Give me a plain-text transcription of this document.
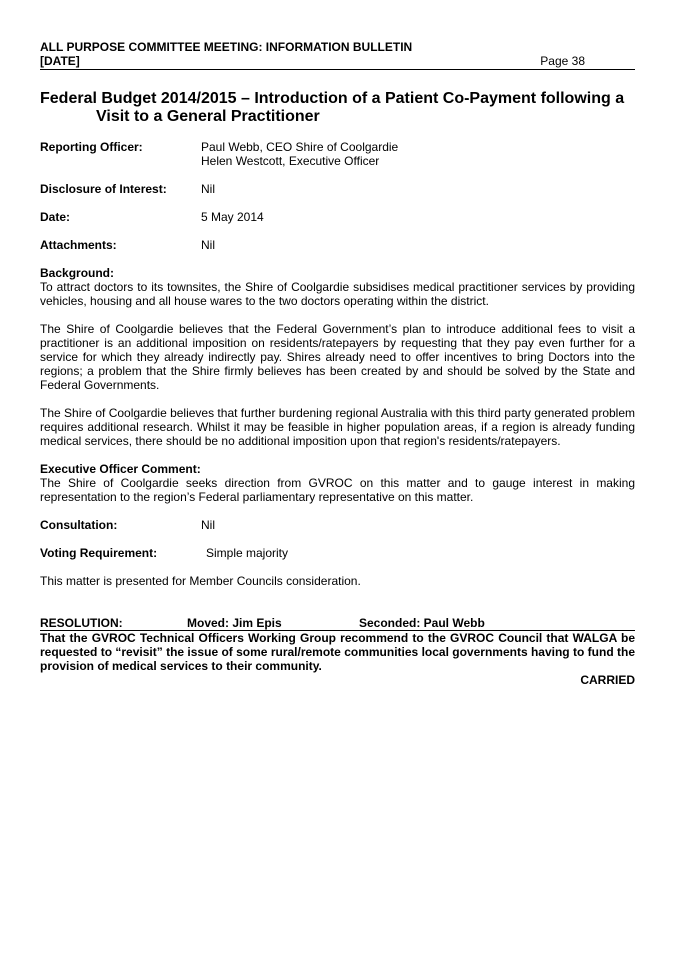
ALL PURPOSE COMMITTEE MEETING: INFORMATION BULLETIN
[DATE]	Page 38
Federal Budget 2014/2015 – Introduction of a Patient Co-Payment following a
Visit to a General Practitioner
Reporting Officer:	Paul Webb, CEO Shire of Coolgardie
Helen Westcott, Executive Officer
Disclosure of Interest:	Nil
Date:	5 May 2014
Attachments:	Nil
Background:

To attract doctors to its townsites, the Shire of Coolgardie subsidises medical practitioner services by providing vehicles, housing and all house wares to the two doctors operating within the district.

The Shire of Coolgardie believes that the Federal Government’s plan to introduce additional fees to visit a practitioner is an additional imposition on residents/ratepayers by requesting that they pay even further for a service for which they already indirectly pay. Shires already need to offer incentives to bring Doctors into the regions; a problem that the Shire firmly believes has been created by and should be solved by the State and Federal Governments.

The Shire of Coolgardie believes that further burdening regional Australia with this third party generated problem requires additional research. Whilst it may be feasible in higher population areas, if a region is already funding medical services, there should be no additional imposition upon that region's residents/ratepayers.

Executive Officer Comment:

The Shire of Coolgardie seeks direction from GVROC on this matter and to gauge interest in making representation to the region’s Federal parliamentary representative on this matter.

Consultation:	Nil
Voting Requirement:	Simple majority

This matter is presented for Member Councils consideration.

RESOLUTION:	Moved: Jim Epis	Seconded: Paul Webb
That the GVROC Technical Officers Working Group recommend to the GVROC Council that WALGA be requested to “revisit” the issue of some rural/remote communities local governments having to fund the provision of medical services to their community.
CARRIED
